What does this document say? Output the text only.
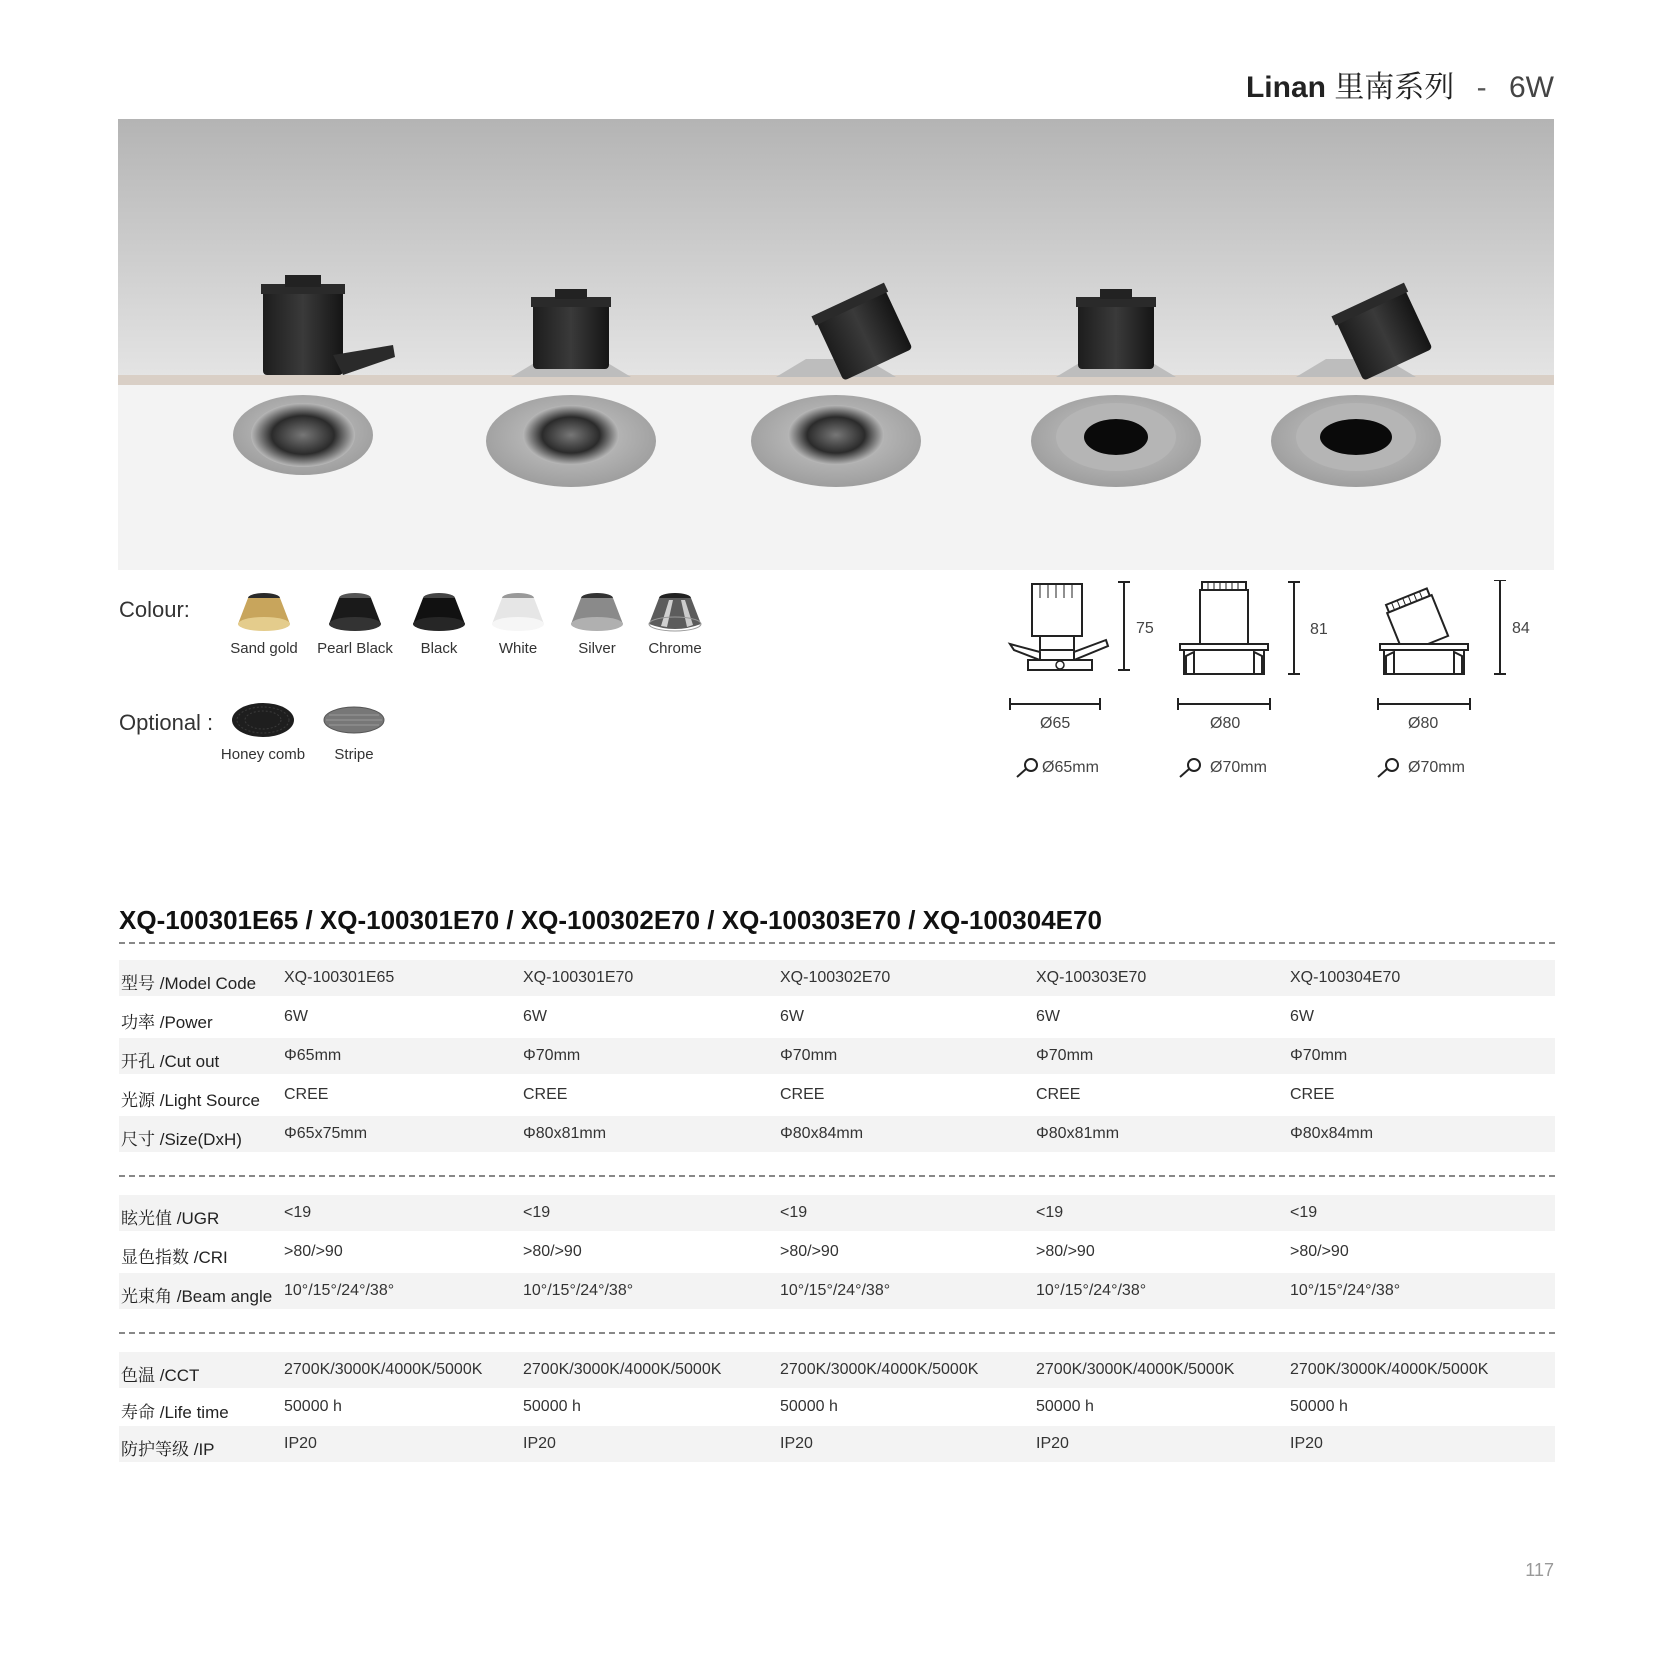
Linan 里南系列 - 6W
Colour:
Sand gold	Pearl Black	Black	White	Silver	Chrome
Optional :
Honey comb	Stripe
75
Ø65
Ø65mm
81
Ø80
Ø70mm
84
Ø80
Ø70mm
XQ-100301E65 / XQ-100301E70 / XQ-100302E70 / XQ-100303E70 / XQ-100304E70
型号 /Model Code XQ-100301E65	XQ-100301E70	XQ-100302E70	XQ-100303E70	XQ-100304E70
功率 /Power	6W	6W	6W	6W	6W
开孔 /Cut out	Φ65mm	Φ70mm	Φ70mm	Φ70mm	Φ70mm
光源 /Light Source CREE	CREE	CREE	CREE	CREE
尺寸 /Size(DxH)	Φ65x75mm	Φ80x81mm	Φ80x84mm	Φ80x81mm	Φ80x84mm
眩光值 /UGR	<19	<19	<19	<19	<19
显色指数 /CRI	>80/>90	>80/>90	>80/>90	>80/>90	>80/>90
光束角 /Beam angle 10°/15°/24°/38°	10°/15°/24°/38°	10°/15°/24°/38°	10°/15°/24°/38°	10°/15°/24°/38°
色温 /CCT	2700K/3000K/4000K/5000K	2700K/3000K/4000K/5000K	2700K/3000K/4000K/5000K	2700K/3000K/4000K/5000K	2700K/3000K/4000K/5000K
寿命 /Life time	50000 h	50000 h	50000 h	50000 h	50000 h
防护等级 /IP	IP20	IP20	IP20	IP20	IP20
117
